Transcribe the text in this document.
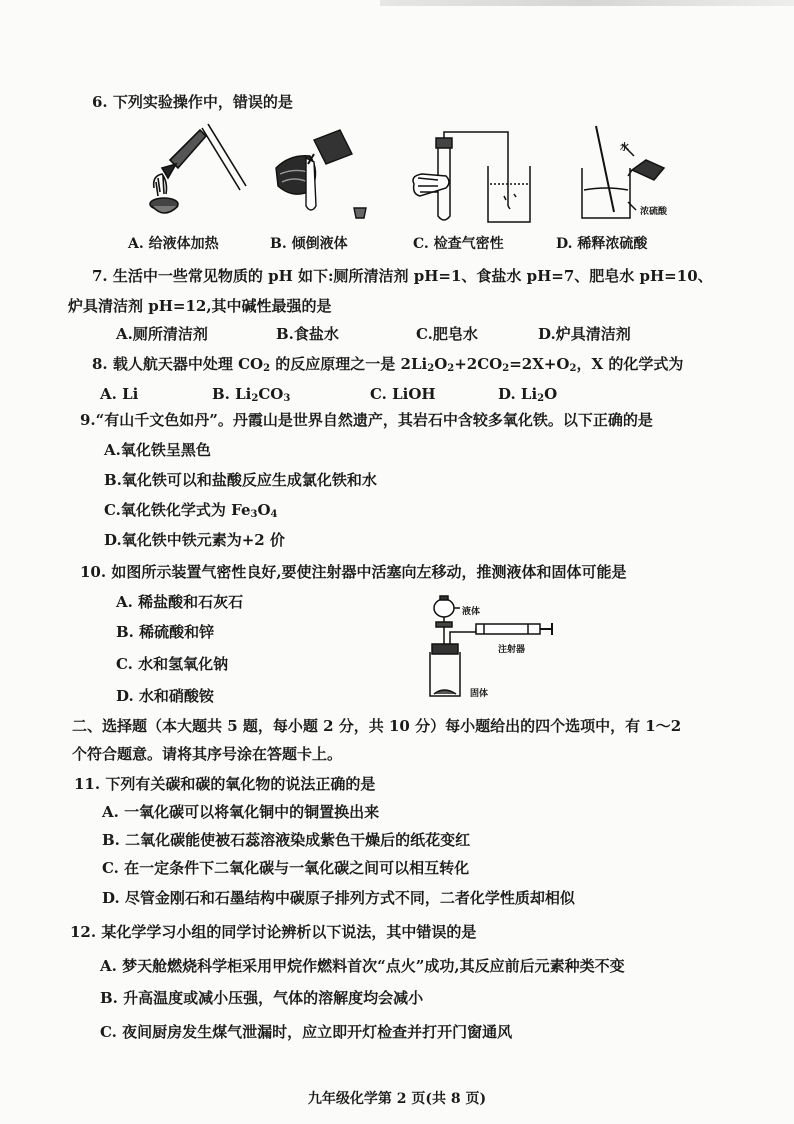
6. 下列实验操作中，错误的是
水
浓硫酸
A. 给液体加热	B. 倾倒液体	C. 检查气密性	D. 稀释浓硫酸
7. 生活中一些常见物质的 pH 如下:厕所清洁剂 pH=1、食盐水 pH=7、肥皂水 pH=10、
炉具清洁剂 pH=12,其中碱性最强的是
A.厕所清洁剂	B.食盐水	C.肥皂水	D.炉具清洁剂
8. 载人航天器中处理 $CO_2$ 的反应原理之一是 $2Li_2O_2+2CO_2=2X+O_2$，X 的化学式为
A. Li	B. $Li_2CO_3$	C. LiOH	D. $Li_2O$
9.“有山千文色如丹”。丹霞山是世界自然遗产，其岩石中含较多氧化铁。以下正确的是
A.氧化铁呈黑色
B.氧化铁可以和盐酸反应生成氯化铁和水
C.氧化铁化学式为 $Fe_3O_4$
D.氧化铁中铁元素为+2 价
10. 如图所示装置气密性良好,要使注射器中活塞向左移动，推测液体和固体可能是
A. 稀盐酸和石灰石
B. 稀硫酸和锌
C. 水和氢氧化钠
D. 水和硝酸铵
液体
注射器
固体
二、选择题（本大题共 5 题，每小题 2 分，共 10 分）每小题给出的四个选项中，有 1～2
个符合题意。请将其序号涂在答题卡上。
11. 下列有关碳和碳的氧化物的说法正确的是
A. 一氧化碳可以将氧化铜中的铜置换出来
B. 二氧化碳能使被石蕊溶液染成紫色干燥后的纸花变红
C. 在一定条件下二氧化碳与一氧化碳之间可以相互转化
D. 尽管金刚石和石墨结构中碳原子排列方式不同，二者化学性质却相似
12. 某化学学习小组的同学讨论辨析以下说法，其中错误的是
A. 梦天舱燃烧科学柜采用甲烷作燃料首次“点火”成功,其反应前后元素种类不变
B. 升高温度或减小压强，气体的溶解度均会减小
C. 夜间厨房发生煤气泄漏时，应立即开灯检查并打开门窗通风
九年级化学第 2 页(共 8 页)
